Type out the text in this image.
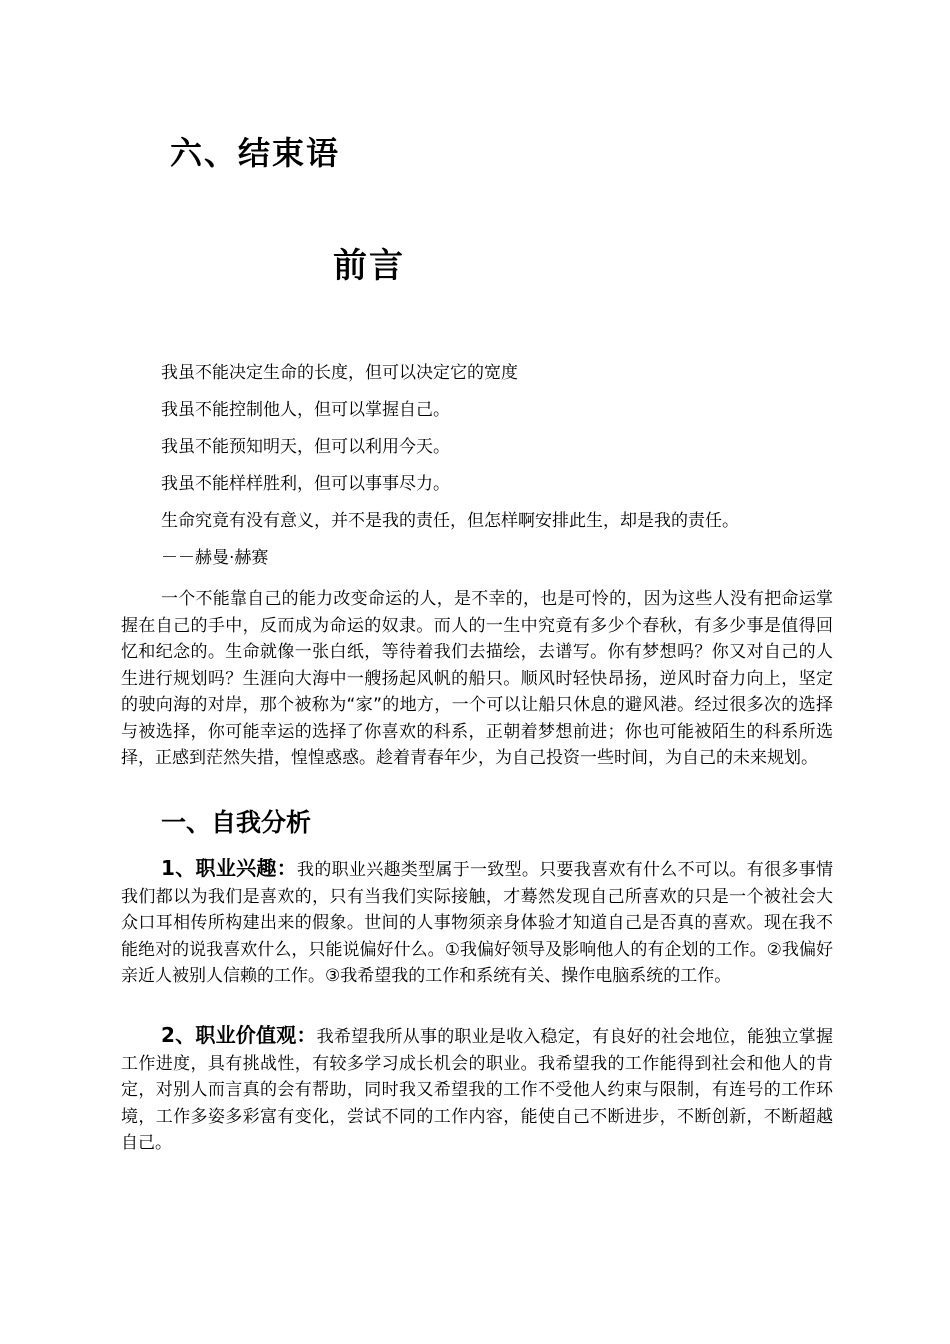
六、结束语
前言

我虽不能决定生命的长度，但可以决定它的宽度

我虽不能控制他人，但可以掌握自己。

我虽不能预知明天，但可以利用今天。

我虽不能样样胜利，但可以事事尽力。

生命究竟有没有意义，并不是我的责任，但怎样啊安排此生，却是我的责任。

－－赫曼·赫赛

一个不能靠自己的能力改变命运的人，是不幸的，也是可怜的，因为这些人没有把命运掌握在自己的手中，反而成为命运的奴隶。而人的一生中究竟有多少个春秋，有多少事是值得回忆和纪念的。生命就像一张白纸，等待着我们去描绘，去谱写。你有梦想吗？你又对自己的人生进行规划吗？生涯向大海中一艘扬起风帆的船只。顺风时轻快昂扬，逆风时奋力向上，坚定的驶向海的对岸，那个被称为“家”的地方，一个可以让船只休息的避风港。经过很多次的选择与被选择，你可能幸运的选择了你喜欢的科系，正朝着梦想前进；你也可能被陌生的科系所选择，正感到茫然失措，惶惶惑惑。趁着青春年少，为自己投资一些时间，为自己的未来规划。

一、自我分析

1、职业兴趣：我的职业兴趣类型属于一致型。只要我喜欢有什么不可以。有很多事情我们都以为我们是喜欢的，只有当我们实际接触，才蓦然发现自己所喜欢的只是一个被社会大众口耳相传所构建出来的假象。世间的人事物须亲身体验才知道自己是否真的喜欢。现在我不能绝对的说我喜欢什么，只能说偏好什么。①我偏好领导及影响他人的有企划的工作。②我偏好亲近人被别人信赖的工作。③我希望我的工作和系统有关、操作电脑系统的工作。

2、职业价值观：我希望我所从事的职业是收入稳定，有良好的社会地位，能独立掌握工作进度，具有挑战性，有较多学习成长机会的职业。我希望我的工作能得到社会和他人的肯定，对别人而言真的会有帮助，同时我又希望我的工作不受他人约束与限制，有连号的工作环境，工作多姿多彩富有变化，尝试不同的工作内容，能使自己不断进步，不断创新，不断超越自己。
